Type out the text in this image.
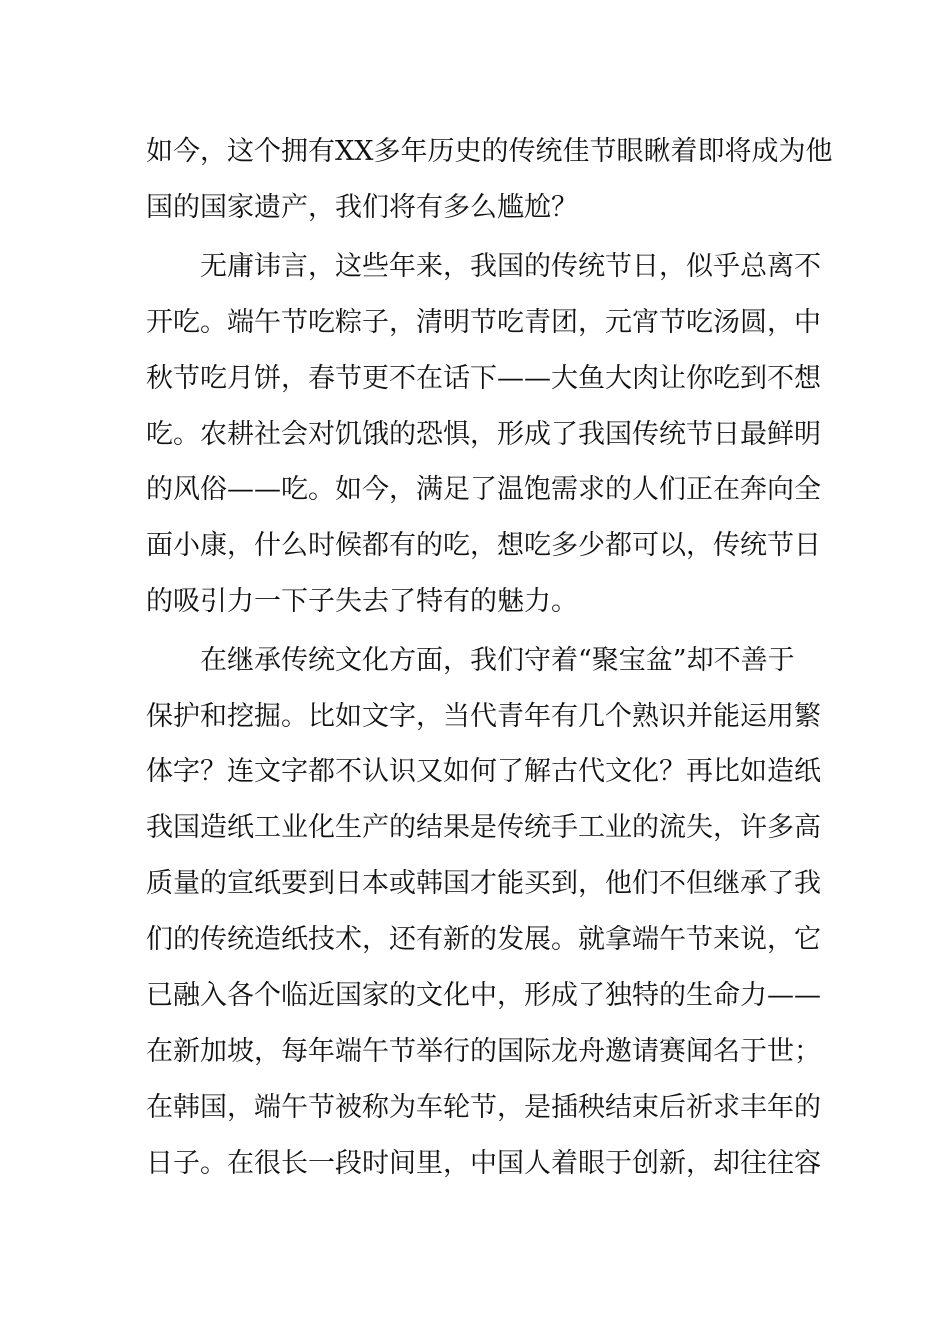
如今，这个拥有XX多年历史的传统佳节眼瞅着即将成为他
国的国家遗产，我们将有多么尴尬？
无庸讳言，这些年来，我国的传统节日，似乎总离不
开吃。端午节吃粽子，清明节吃青团，元宵节吃汤圆，中
秋节吃月饼，春节更不在话下——大鱼大肉让你吃到不想
吃。农耕社会对饥饿的恐惧，形成了我国传统节日最鲜明
的风俗——吃。如今，满足了温饱需求的人们正在奔向全
面小康，什么时候都有的吃，想吃多少都可以，传统节日
的吸引力一下子失去了特有的魅力。
在继承传统文化方面，我们守着“聚宝盆”却不善于
保护和挖掘。比如文字，当代青年有几个熟识并能运用繁
体字？连文字都不认识又如何了解古代文化？再比如造纸
我国造纸工业化生产的结果是传统手工业的流失，许多高
质量的宣纸要到日本或韩国才能买到，他们不但继承了我
们的传统造纸技术，还有新的发展。就拿端午节来说，它
已融入各个临近国家的文化中，形成了独特的生命力——
在新加坡，每年端午节举行的国际龙舟邀请赛闻名于世；
在韩国，端午节被称为车轮节，是插秧结束后祈求丰年的
日子。在很长一段时间里，中国人着眼于创新，却往往容
